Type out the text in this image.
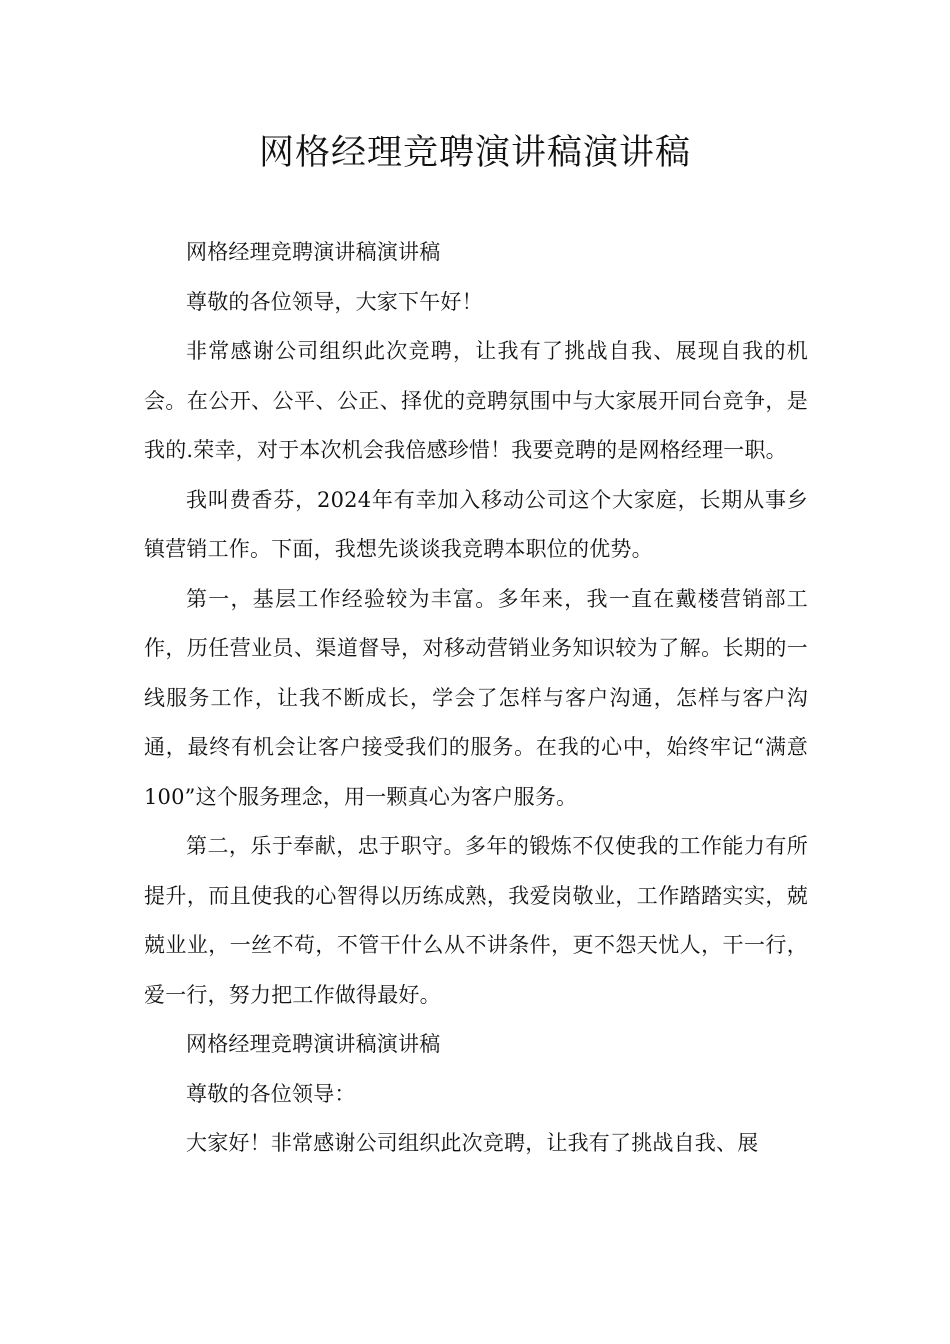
网格经理竞聘演讲稿演讲稿

网格经理竞聘演讲稿演讲稿

尊敬的各位领导，大家下午好！

非常感谢公司组织此次竞聘，让我有了挑战自我、展现自我的机会。在公开、公平、公正、择优的竞聘氛围中与大家展开同台竞争，是我的.荣幸，对于本次机会我倍感珍惜！我要竞聘的是网格经理一职。

我叫费香芬，2024年有幸加入移动公司这个大家庭，长期从事乡镇营销工作。下面，我想先谈谈我竞聘本职位的优势。

第一，基层工作经验较为丰富。多年来，我一直在戴楼营销部工作，历任营业员、渠道督导，对移动营销业务知识较为了解。长期的一线服务工作，让我不断成长，学会了怎样与客户沟通，怎样与客户沟通，最终有机会让客户接受我们的服务。在我的心中，始终牢记“满意100”这个服务理念，用一颗真心为客户服务。

第二，乐于奉献，忠于职守。多年的锻炼不仅使我的工作能力有所提升，而且使我的心智得以历练成熟，我爱岗敬业，工作踏踏实实，兢兢业业，一丝不苟，不管干什么从不讲条件，更不怨天忧人，干一行，爱一行，努力把工作做得最好。

网格经理竞聘演讲稿演讲稿

尊敬的各位领导：

大家好！非常感谢公司组织此次竞聘，让我有了挑战自我、展
